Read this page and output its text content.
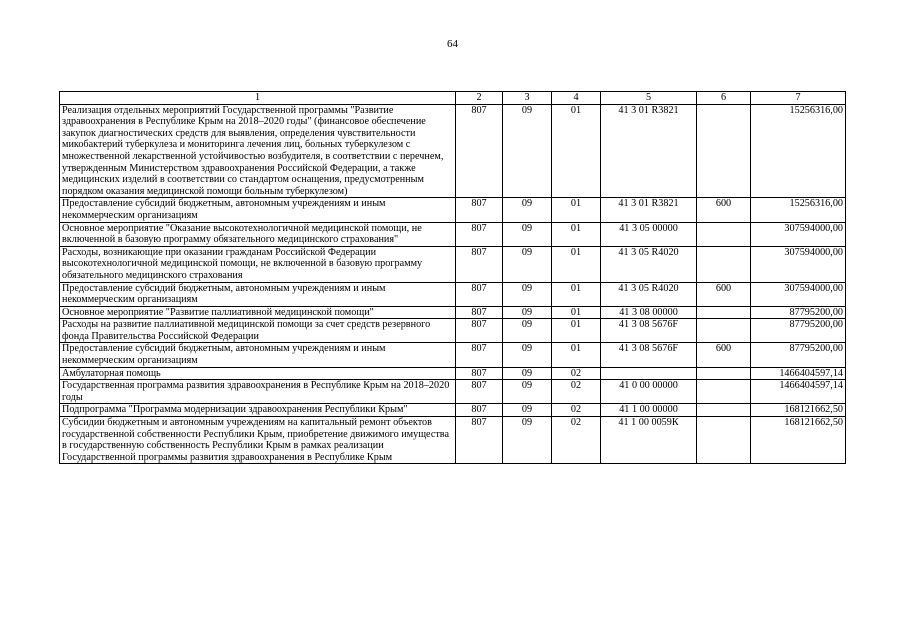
64
1	2	3	4	5	6	7
Реализация отдельных мероприятий Государственной программы "Развитие здравоохранения в Республике Крым на 2018–2020 годы" (финансовое обеспечение закупок диагностических средств для выявления, определения чувствительности микобактерий туберкулеза и мониторинга лечения лиц, больных туберкулезом с множественной лекарственной устойчивостью возбудителя, в соответствии с перечнем, утвержденным Министерством здравоохранения Российской Федерации, а также медицинских изделий в соответствии со стандартом оснащения, предусмотренным порядком оказания медицинской помощи больным туберкулезом)	807	09	01	41 3 01 R3821		15256316,00
Предоставление субсидий бюджетным, автономным учреждениям и иным некоммерческим организациям	807	09	01	41 3 01 R3821	600	15256316,00
Основное мероприятие "Оказание высокотехнологичной медицинской помощи, не включенной в базовую программу обязательного медицинского страхования"	807	09	01	41 3 05 00000		307594000,00
Расходы, возникающие при оказании гражданам Российской Федерации высокотехнологичной медицинской помощи, не включенной в базовую программу обязательного медицинского страхования	807	09	01	41 3 05 R4020		307594000,00
Предоставление субсидий бюджетным, автономным учреждениям и иным некоммерческим организациям	807	09	01	41 3 05 R4020	600	307594000,00
Основное мероприятие "Развитие паллиативной медицинской помощи"	807	09	01	41 3 08 00000		87795200,00
Расходы на развитие паллиативной медицинской помощи за счет средств резервного фонда Правительства Российской Федерации	807	09	01	41 3 08 5676F		87795200,00
Предоставление субсидий бюджетным, автономным учреждениям и иным некоммерческим организациям	807	09	01	41 3 08 5676F	600	87795200,00
Амбулаторная помощь	807	09	02			1466404597,14
Государственная программа развития здравоохранения в Республике Крым на 2018–2020 годы	807	09	02	41 0 00 00000		1466404597,14
Подпрограмма "Программа модернизации здравоохранения Республики Крым"	807	09	02	41 1 00 00000		168121662,50
Субсидии бюджетным и автономным учреждениям на капитальный ремонт объектов государственной собственности Республики Крым, приобретение движимого имущества в государственную собственность Республики Крым в рамках реализации Государственной программы развития здравоохранения в Республике Крым	807	09	02	41 1 00 0059К		168121662,50
